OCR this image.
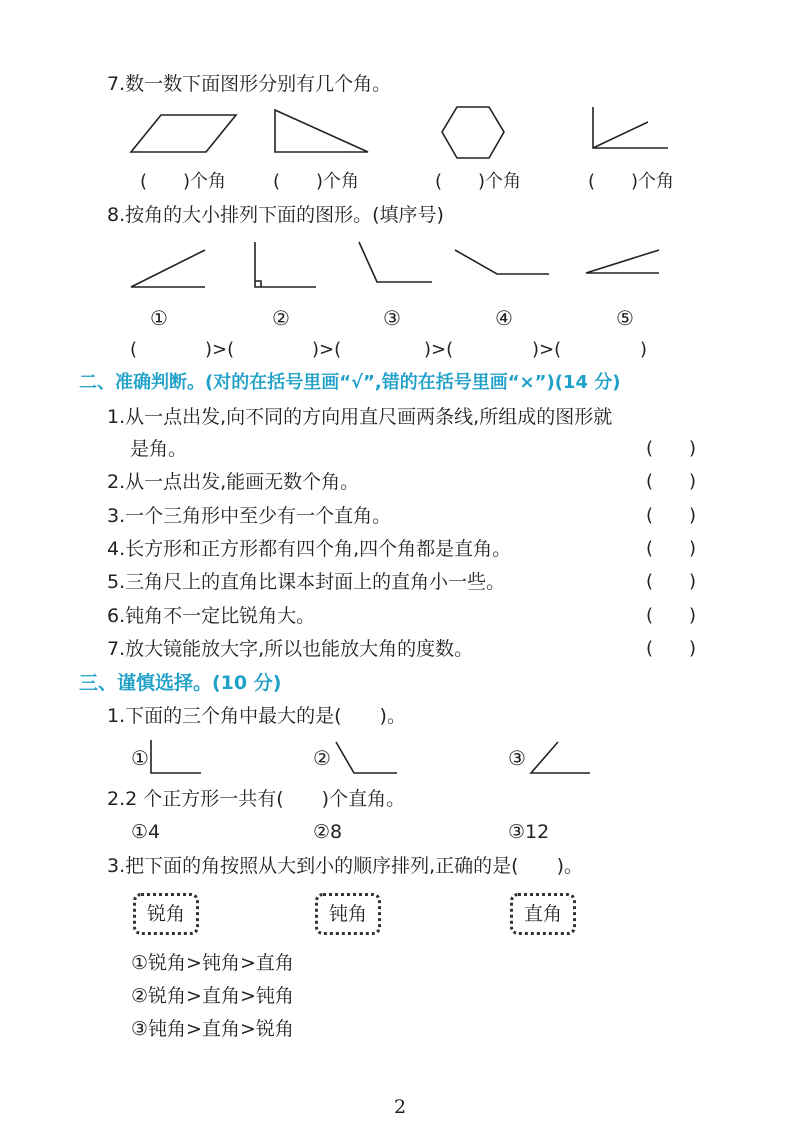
7.数一数下面图形分别有几个角。
(　　)个角	(　　)个角	(　　)个角	(　　)个角
8.按角的大小排列下面的图形。(填序号)
①	②	③	④	⑤
(	)>(	)>(	)>(	)>(	)
二、准确判断。(对的在括号里画“√”,错的在括号里画“×”)(14 分)
1.从一点出发,向不同的方向用直尺画两条线,所组成的图形就
是角。	(　　)
2.从一点出发,能画无数个角。	(　　)
3.一个三角形中至少有一个直角。	(　　)
4.长方形和正方形都有四个角,四个角都是直角。	(　　)
5.三角尺上的直角比课本封面上的直角小一些。	(　　)
6.钝角不一定比锐角大。	(　　)
7.放大镜能放大字,所以也能放大角的度数。	(　　)
三、谨慎选择。(10 分)
1.下面的三个角中最大的是(　　)。
①	②	③
2.2 个正方形一共有(　　)个直角。
①4	②8	③12
3.把下面的角按照从大到小的顺序排列,正确的是(　　)。
锐角	钝角	直角
①锐角>钝角>直角
②锐角>直角>钝角
③钝角>直角>锐角
2
